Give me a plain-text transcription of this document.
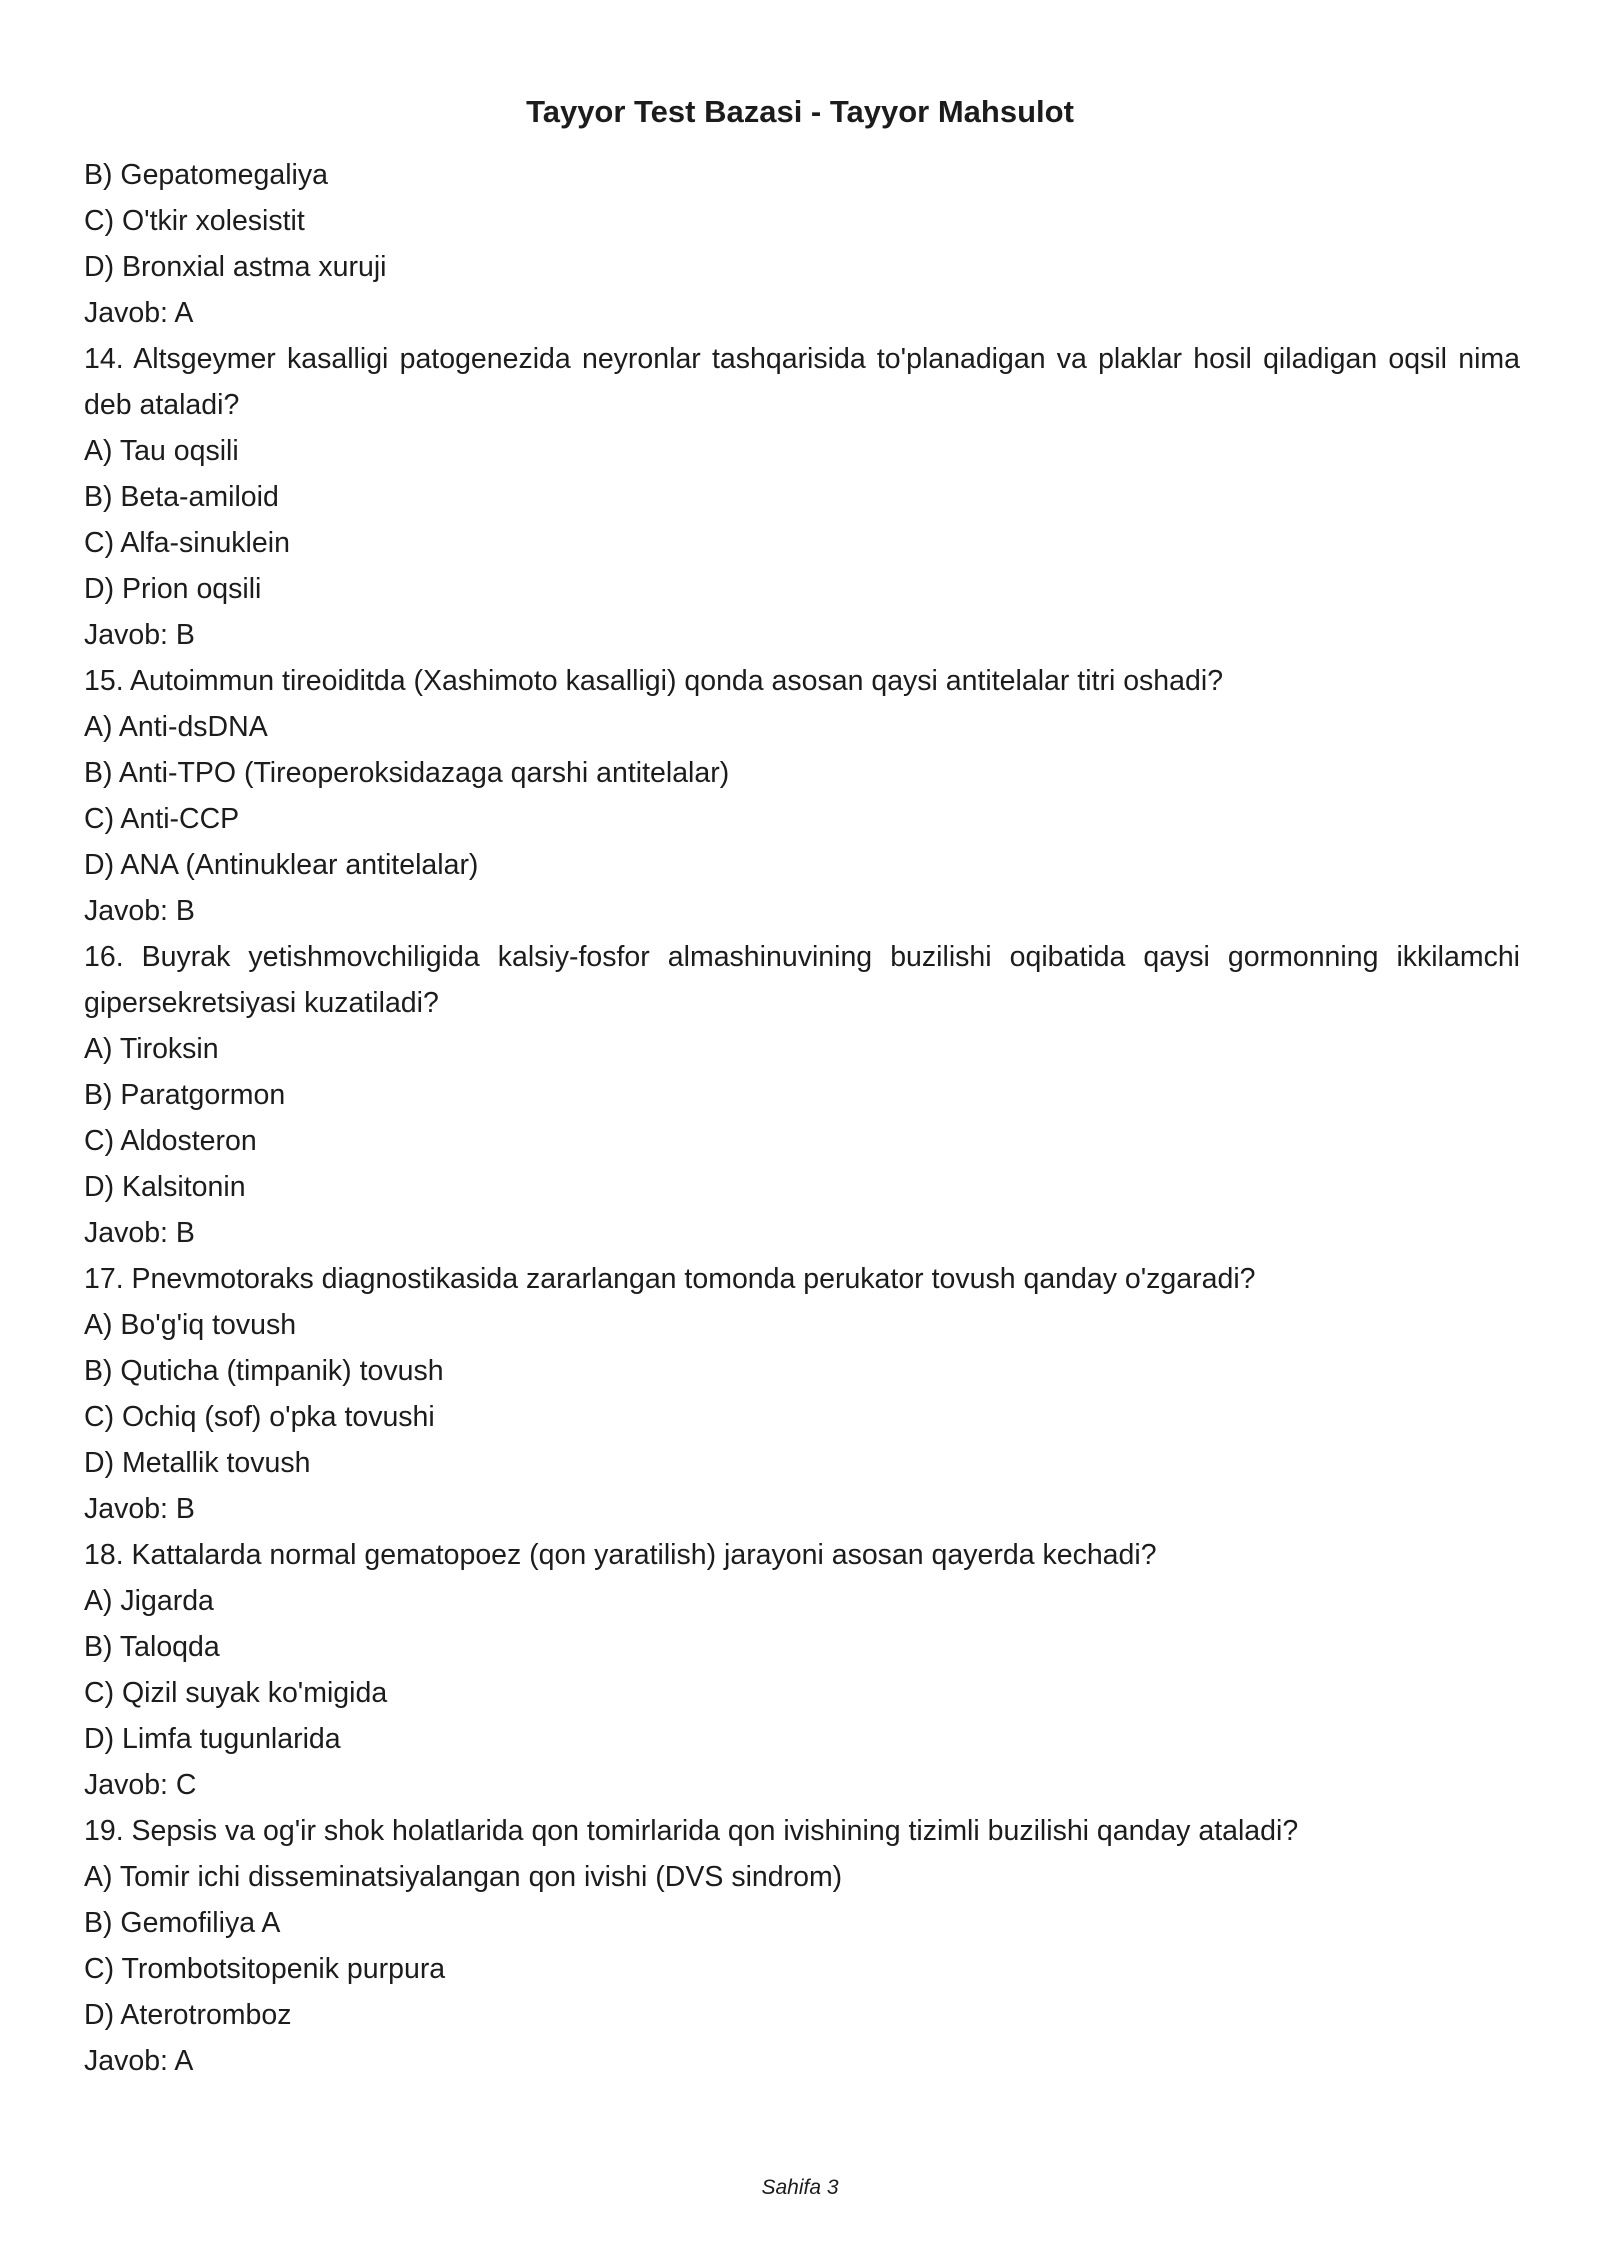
Tayyor Test Bazasi - Tayyor Mahsulot
B) Gepatomegaliya
C) O'tkir xolesistit
D) Bronxial astma xuruji
Javob: A
14. Altsgeymer kasalligi patogenezida neyronlar tashqarisida to'planadigan va plaklar hosil qiladigan oqsil nima deb ataladi?
A) Tau oqsili
B) Beta-amiloid
C) Alfa-sinuklein
D) Prion oqsili
Javob: B
15. Autoimmun tireoiditda (Xashimoto kasalligi) qonda asosan qaysi antitelalar titri oshadi?
A) Anti-dsDNA
B) Anti-TPO (Tireoperoksidazaga qarshi antitelalar)
C) Anti-CCP
D) ANA (Antinuklear antitelalar)
Javob: B
16. Buyrak yetishmovchiligida kalsiy-fosfor almashinuvining buzilishi oqibatida qaysi gormonning ikkilamchi gipersekretsiyasi kuzatiladi?
A) Tiroksin
B) Paratgormon
C) Aldosteron
D) Kalsitonin
Javob: B
17. Pnevmotoraks diagnostikasida zararlangan tomonda perukator tovush qanday o'zgaradi?
A) Bo'g'iq tovush
B) Quticha (timpanik) tovush
C) Ochiq (sof) o'pka tovushi
D) Metallik tovush
Javob: B
18. Kattalarda normal gematopoez (qon yaratilish) jarayoni asosan qayerda kechadi?
A) Jigarda
B) Taloqda
C) Qizil suyak ko'migida
D) Limfa tugunlarida
Javob: C
19. Sepsis va og'ir shok holatlarida qon tomirlarida qon ivishining tizimli buzilishi qanday ataladi?
A) Tomir ichi disseminatsiyalangan qon ivishi (DVS sindrom)
B) Gemofiliya A
C) Trombotsitopenik purpura
D) Aterotromboz
Javob: A
Sahifa 3
